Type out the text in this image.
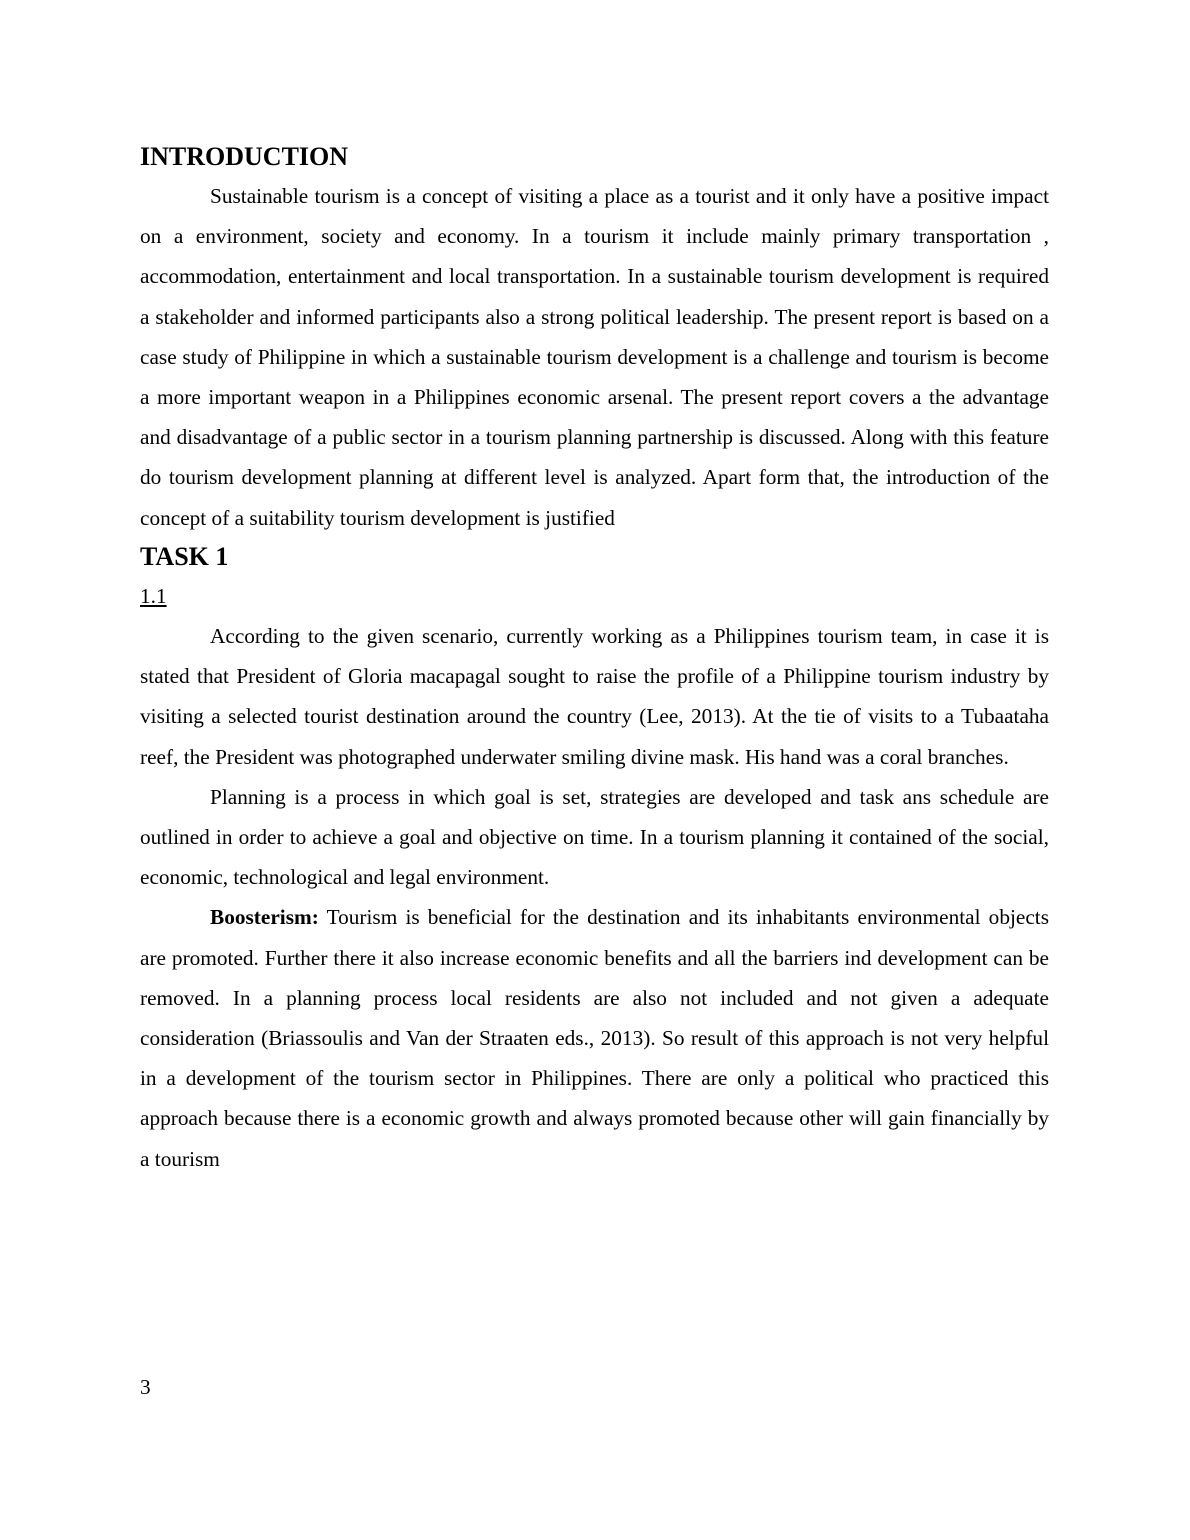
INTRODUCTION

Sustainable tourism is a concept of visiting a place as a tourist and it only have a positive impact on a environment, society and economy. In a tourism it include mainly primary transportation , accommodation, entertainment and local transportation. In a sustainable tourism development is required a stakeholder and informed participants also a strong political leadership. The present report is based on a case study of Philippine in which a sustainable tourism development is a challenge and tourism is become a more important weapon in a Philippines economic arsenal. The present report covers a the advantage and disadvantage of a public sector in a tourism planning partnership is discussed. Along with this feature do tourism development planning at different level is analyzed. Apart form that, the introduction of the concept of a suitability tourism development is justified

TASK 1

1.1

According to the given scenario, currently working as a Philippines tourism team, in case it is stated that President of Gloria macapagal sought to raise the profile of a Philippine tourism industry by visiting a selected tourist destination around the country (Lee, 2013). At the tie of visits to a Tubaataha reef, the President was photographed underwater smiling divine mask. His hand was a coral branches.

Planning is a process in which goal is set, strategies are developed and task ans schedule are outlined in order to achieve a goal and objective on time. In a tourism planning it contained of the social, economic, technological and legal environment.

Boosterism: Tourism is beneficial for the destination and its inhabitants environmental objects are promoted. Further there it also increase economic benefits and all the barriers ind development can be removed. In a planning process local residents are also not included and not given a adequate consideration (Briassoulis and Van der Straaten eds., 2013). So result of this approach is not very helpful in a development of the tourism sector in Philippines. There are only a political who practiced this approach because there is a economic growth and always promoted because other will gain financially by a tourism

3
